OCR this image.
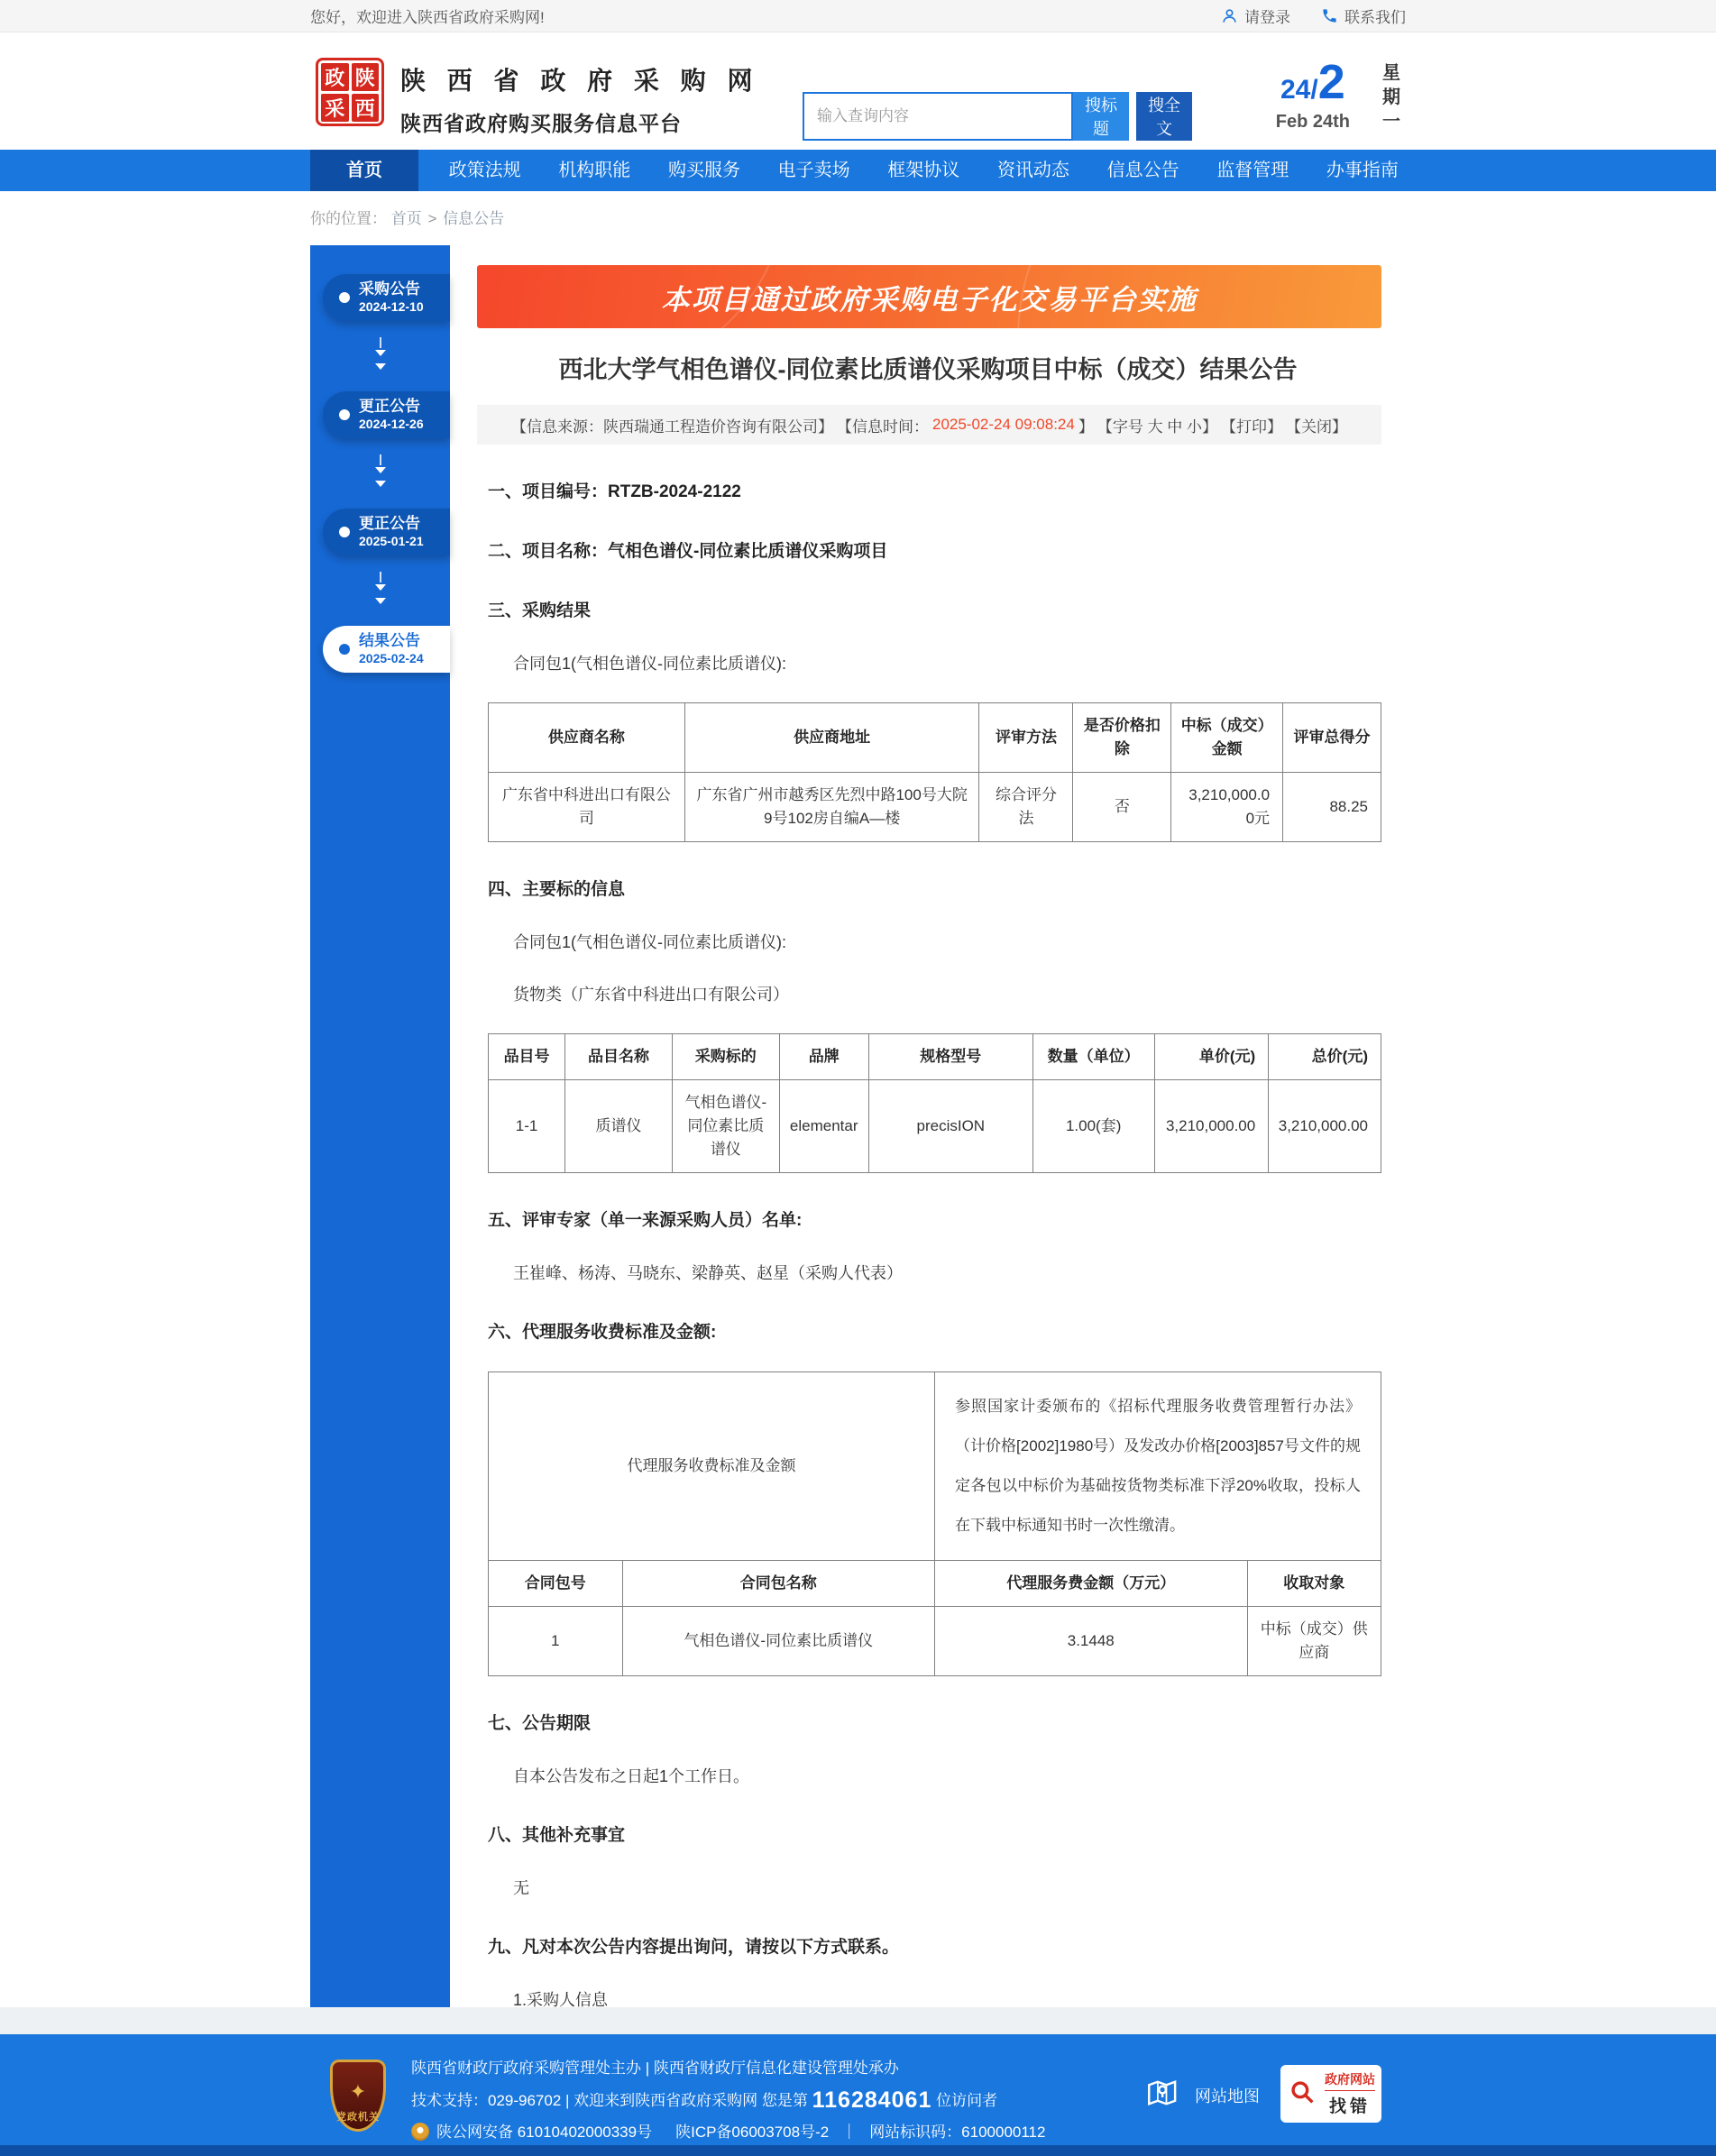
您好，欢迎进入陕西省政府采购网!	请登录	联系我们
政 陕
采 西
陕 西 省 政 府 采 购 网
陕西省政府购买服务信息平台
输入查询内容
搜标题
搜全文
24/2
Feb 24th
星
期
一
首页	政策法规	机构职能	购买服务	电子卖场	框架协议	资讯动态	信息公告	监督管理	办事指南
你的位置： 首页 > 信息公告
采购公告
2024-12-10
更正公告
2024-12-26
更正公告
2025-01-21
结果公告
2025-02-24
本项目通过政府采购电子化交易平台实施
西北大学气相色谱仪-同位素比质谱仪采购项目中标（成交）结果公告
【信息来源：陕西瑞通工程造价咨询有限公司】 【信息时间： 2025-02-24 09:08:24 】 【字号 大 中 小】 【打印】 【关闭】
一、项目编号：RTZB-2024-2122
二、项目名称：气相色谱仪-同位素比质谱仪采购项目
三、采购结果
合同包1(气相色谱仪-同位素比质谱仪):
供应商名称	供应商地址	评审方法	是否价格扣除	中标（成交）金额	评审总得分
广东省中科进出口有限公司	广东省广州市越秀区先烈中路100号大院9号102房自编A—楼	综合评分法	否	3,210,000.00元	88.25
四、主要标的信息
合同包1(气相色谱仪-同位素比质谱仪):
货物类（广东省中科进出口有限公司）
品目号	品目名称	采购标的	品牌	规格型号	数量（单位）	单价(元)	总价(元)
1-1	质谱仪	气相色谱仪-同位素比质谱仪	elementar	precisION	1.00(套)	3,210,000.00	3,210,000.00
五、评审专家（单一来源采购人员）名单:
王崔峰、杨涛、马晓东、梁静英、赵星（采购人代表）
六、代理服务收费标准及金额:
代理服务收费标准及金额		参照国家计委颁布的《招标代理服务收费管理暂行办法》（计价格[2002]1980号）及发改办价格[2003]857号文件的规定各包以中标价为基础按货物类标准下浮20%收取，投标人在下载中标通知书时一次性缴清。	
合同包号	合同包名称	代理服务费金额（万元）	收取对象
1	气相色谱仪-同位素比质谱仪	3.1448	中标（成交）供应商
七、公告期限
自本公告发布之日起1个工作日。
八、其他补充事宜
无
九、凡对本次公告内容提出询问，请按以下方式联系。
1.采购人信息
✦
党政机关
陕西省财政厅政府采购管理处主办 | 陕西省财政厅信息化建设管理处承办
技术支持：029-96702 | 欢迎来到陕西省政府采购网 您是第 116284061 位访问者
陕公网安备 61010402000339号 陕ICP备06003708号-2 ｜ 网站标识码：6100000112
网站地图
政府网站
找错
